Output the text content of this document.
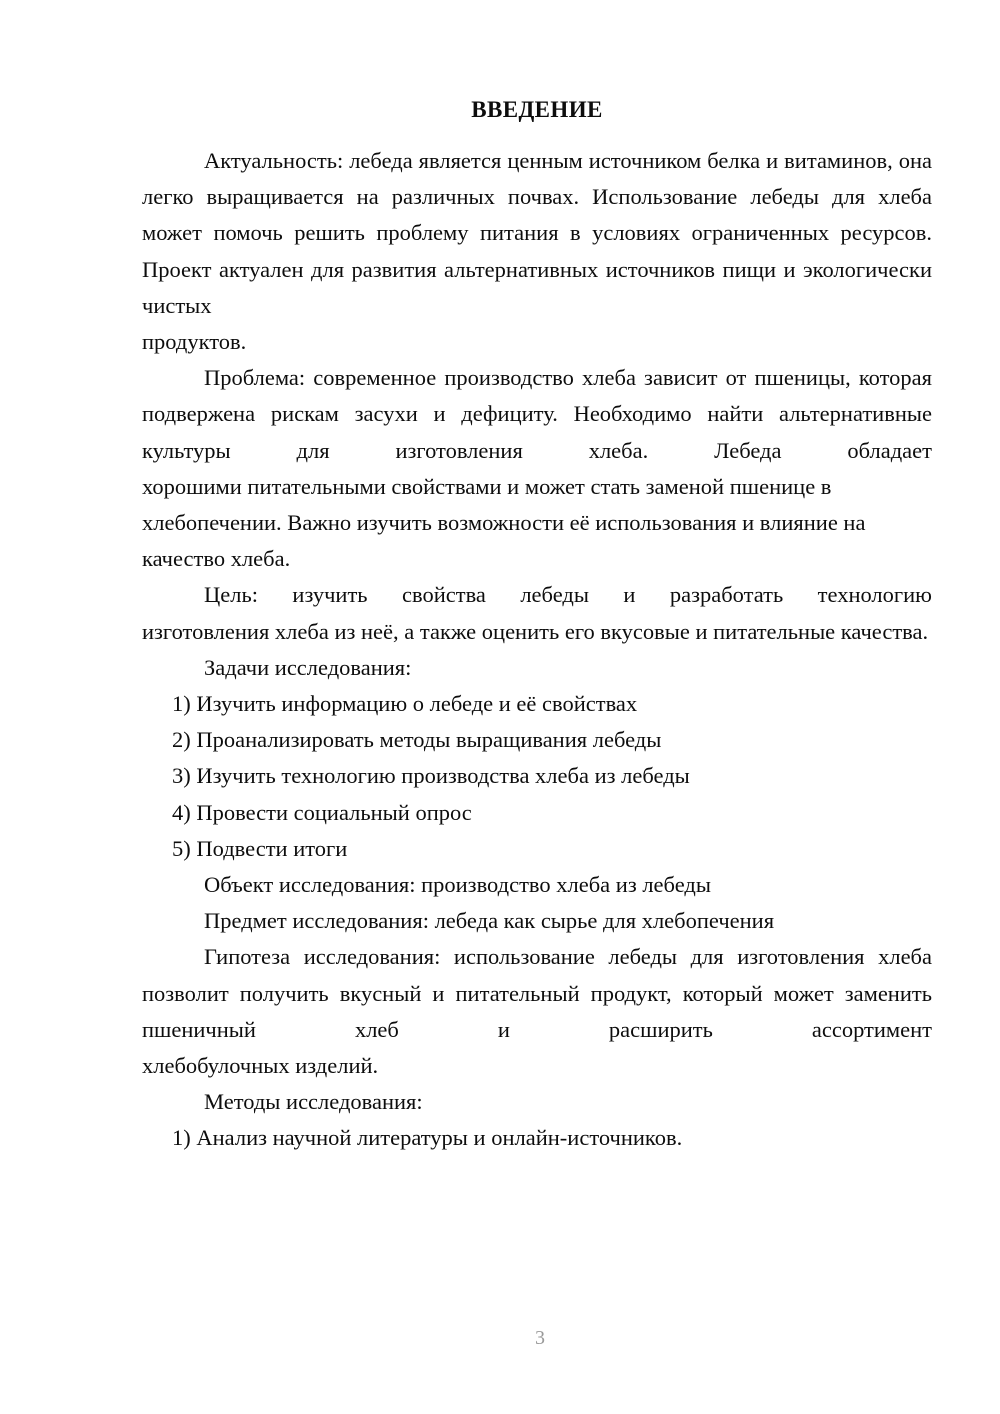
ВВЕДЕНИЕ

Актуальность: лебеда является ценным источником белка и витаминов, она легко выращивается на различных почвах. Использование лебеды для хлеба может помочь решить проблему питания в условиях ограниченных ресурсов. Проект актуален для развития альтернативных источников пищи и экологически чистых

продуктов.

Проблема: современное производство хлеба зависит от пшеницы, которая подвержена рискам засухи и дефициту. Необходимо найти альтернативные культуры для изготовления хлеба. Лебеда обладает

хорошими питательными свойствами и может стать заменой пшенице в хлебопечении. Важно изучить возможности её использования и влияние на качество хлеба.

Цель: изучить свойства лебеды и разработать технологию

изготовления хлеба из неё, а также оценить его вкусовые и питательные качества.

Задачи исследования:

1) Изучить информацию о лебеде и её свойствах

2) Проанализировать методы выращивания лебеды

3) Изучить технологию производства хлеба из лебеды

4) Провести социальный опрос

5) Подвести итоги

Объект исследования: производство хлеба из лебеды

Предмет исследования: лебеда как сырье для хлебопечения

Гипотеза исследования: использование лебеды для изготовления хлеба позволит получить вкусный и питательный продукт, который может заменить пшеничный хлеб и расширить ассортимент

хлебобулочных изделий.

Методы исследования:

1) Анализ научной литературы и онлайн-источников.

3
